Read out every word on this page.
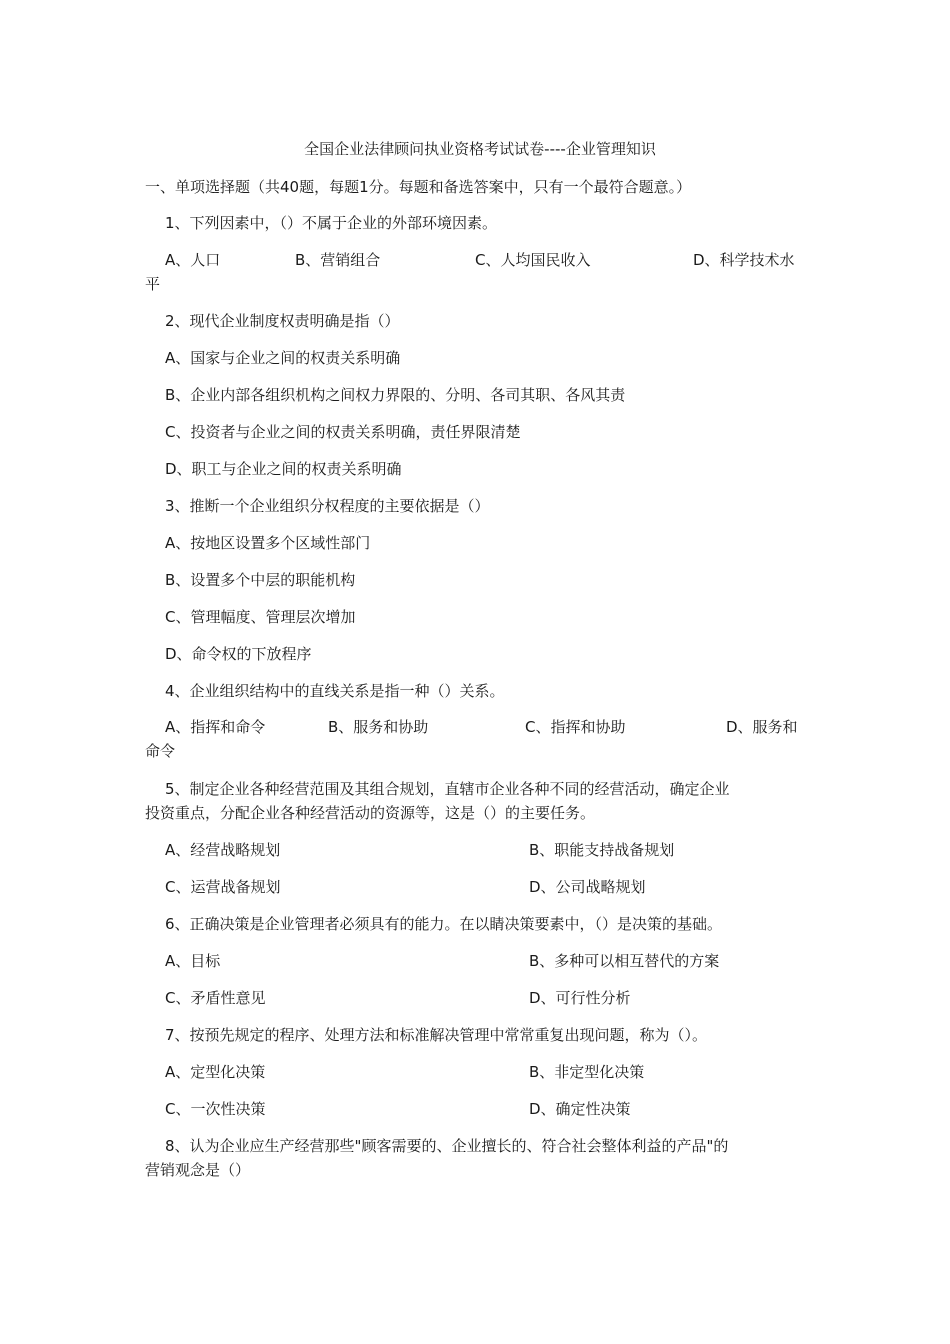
全国企业法律顾问执业资格考试试卷----企业管理知识
一、单项选择题（共40题，每题1分。每题和备选答案中，只有一个最符合题意。）
1、下列因素中，（）不属于企业的外部环境因素。
A、人口	B、营销组合	C、人均国民收入	D、科学技术水
平
2、现代企业制度权责明确是指（）
A、国家与企业之间的权责关系明确
B、企业内部各组织机构之间权力界限的、分明、各司其职、各风其责
C、投资者与企业之间的权责关系明确，责任界限清楚
D、职工与企业之间的权责关系明确
3、推断一个企业组织分权程度的主要依据是（）
A、按地区设置多个区域性部门
B、设置多个中层的职能机构
C、管理幅度、管理层次增加
D、命令权的下放程序
4、企业组织结构中的直线关系是指一种（）关系。
A、指挥和命令	B、服务和协助	C、指挥和协助	D、服务和
命令
5、制定企业各种经营范围及其组合规划，直辖市企业各种不同的经营活动，确定企业
投资重点，分配企业各种经营活动的资源等，这是（）的主要任务。
A、经营战略规划	B、职能支持战备规划
C、运营战备规划	D、公司战略规划
6、正确决策是企业管理者必须具有的能力。在以睛决策要素中，（）是决策的基础。
A、目标	B、多种可以相互替代的方案
C、矛盾性意见	D、可行性分析
7、按预先规定的程序、处理方法和标准解决管理中常常重复出现问题，称为（）。
A、定型化决策	B、非定型化决策
C、一次性决策	D、确定性决策
8、认为企业应生产经营那些"顾客需要的、企业擅长的、符合社会整体利益的产品"的
营销观念是（）
